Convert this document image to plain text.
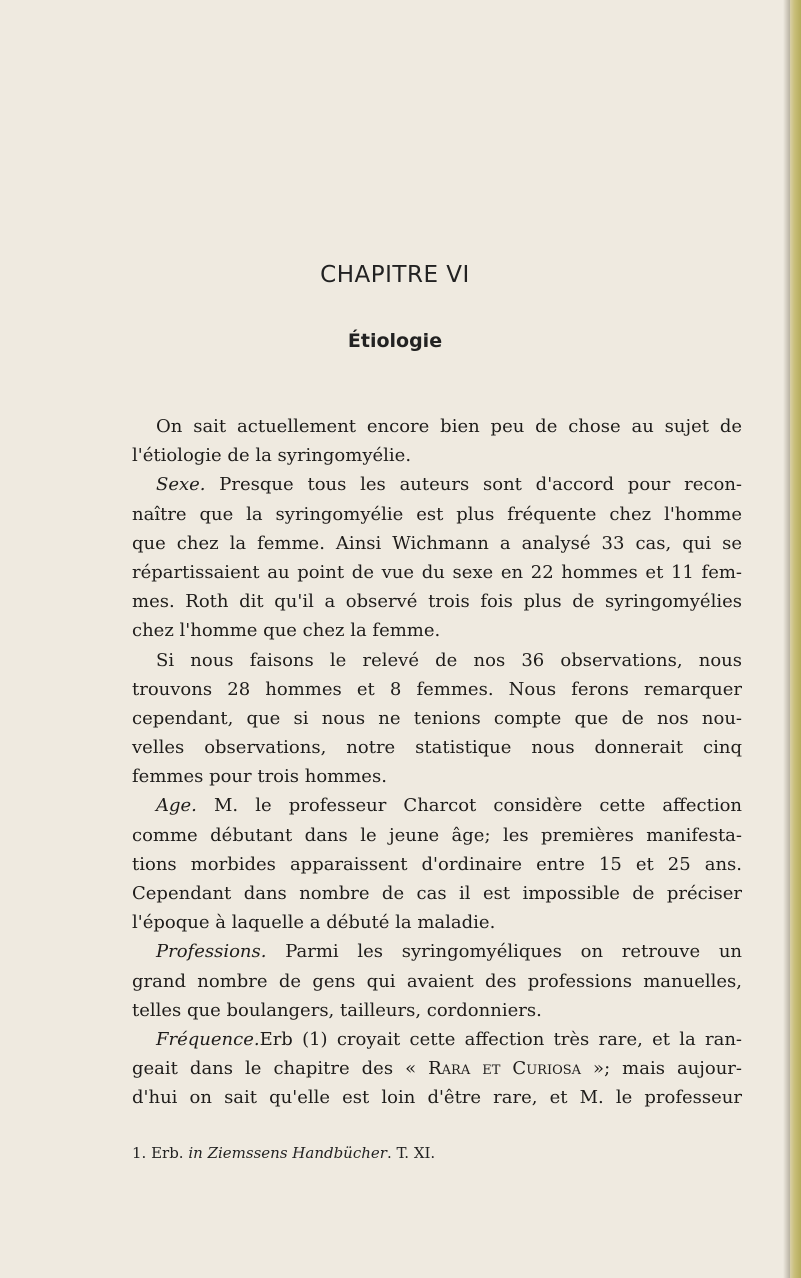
CHAPITRE VI
Étiologie
On sait actuellement encore bien peu de chose au sujet de
l'étiologie de la syringomyélie.
Sexe. Presque tous les auteurs sont d'accord pour recon-
naître que la syringomyélie est plus fréquente chez l'homme
que chez la femme. Ainsi Wichmann a analysé 33 cas, qui se
répartissaient au point de vue du sexe en 22 hommes et 11 fem-
mes. Roth dit qu'il a observé trois fois plus de syringomyélies
chez l'homme que chez la femme.
Si nous faisons le relevé de nos 36 observations, nous
trouvons 28 hommes et 8 femmes. Nous ferons remarquer
cependant, que si nous ne tenions compte que de nos nou-
velles observations, notre statistique nous donnerait cinq
femmes pour trois hommes.
Age. M. le professeur Charcot considère cette affection
comme débutant dans le jeune âge; les premières manifesta-
tions morbides apparaissent d'ordinaire entre 15 et 25 ans.
Cependant dans nombre de cas il est impossible de préciser
l'époque à laquelle a débuté la maladie.
Professions. Parmi les syringomyéliques on retrouve un
grand nombre de gens qui avaient des professions manuelles,
telles que boulangers, tailleurs, cordonniers.
Fréquence.Erb (1) croyait cette affection très rare, et la ran-
geait dans le chapitre des « Rara et Curiosa »; mais aujour-
d'hui on sait qu'elle est loin d'être rare, et M. le professeur
1. Erb. in Ziemssens Handbücher. T. XI.
